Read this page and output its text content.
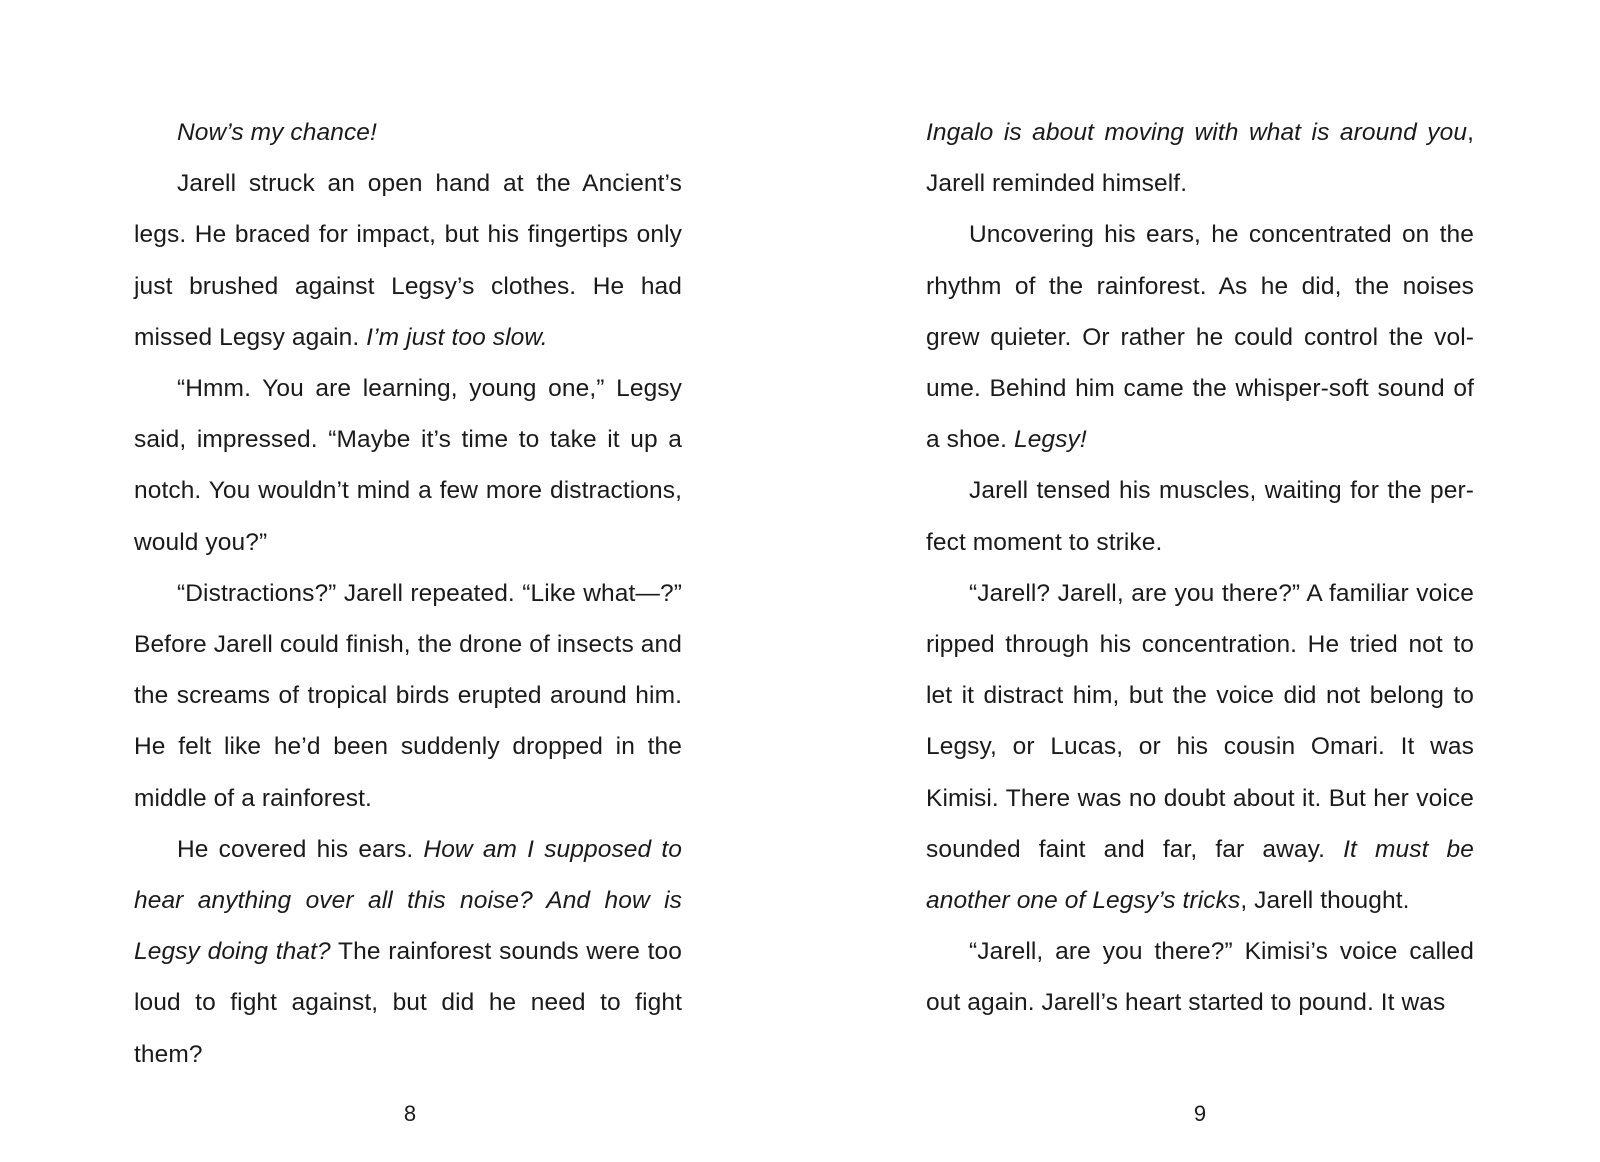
Now’s my chance!

Jarell struck an open hand at the Ancient’s legs. He braced for impact, but his fingertips only just brushed against Legsy’s clothes. He had missed Legsy again. I’m just too slow.

“Hmm. You are learning, young one,” Legsy said, impressed. “Maybe it’s time to take it up a notch. You wouldn’t mind a few more distractions, would you?”

“Distractions?” Jarell repeated. “Like what—?” Before Jarell could finish, the drone of insects and the screams of tropical birds erupted around him. He felt like he’d been suddenly dropped in the middle of a rainforest.

He covered his ears. How am I supposed to hear anything over all this noise? And how is Legsy doing that? The rainforest sounds were too loud to fight against, but did he need to fight them?

8

Ingalo is about moving with what is around you, Jarell reminded himself.

Uncovering his ears, he concentrated on the rhythm of the rainforest. As he did, the noises grew quieter. Or rather he could control the vol-ume. Behind him came the whisper-soft sound of a shoe. Legsy!

Jarell tensed his muscles, waiting for the per-fect moment to strike.

“Jarell? Jarell, are you there?” A familiar voice ripped through his concentration. He tried not to let it distract him, but the voice did not belong to Legsy, or Lucas, or his cousin Omari. It was Kimisi. There was no doubt about it. But her voice sounded faint and far, far away. It must be another one of Legsy’s tricks, Jarell thought.

“Jarell, are you there?” Kimisi’s voice called out again. Jarell’s heart started to pound. It was

9
